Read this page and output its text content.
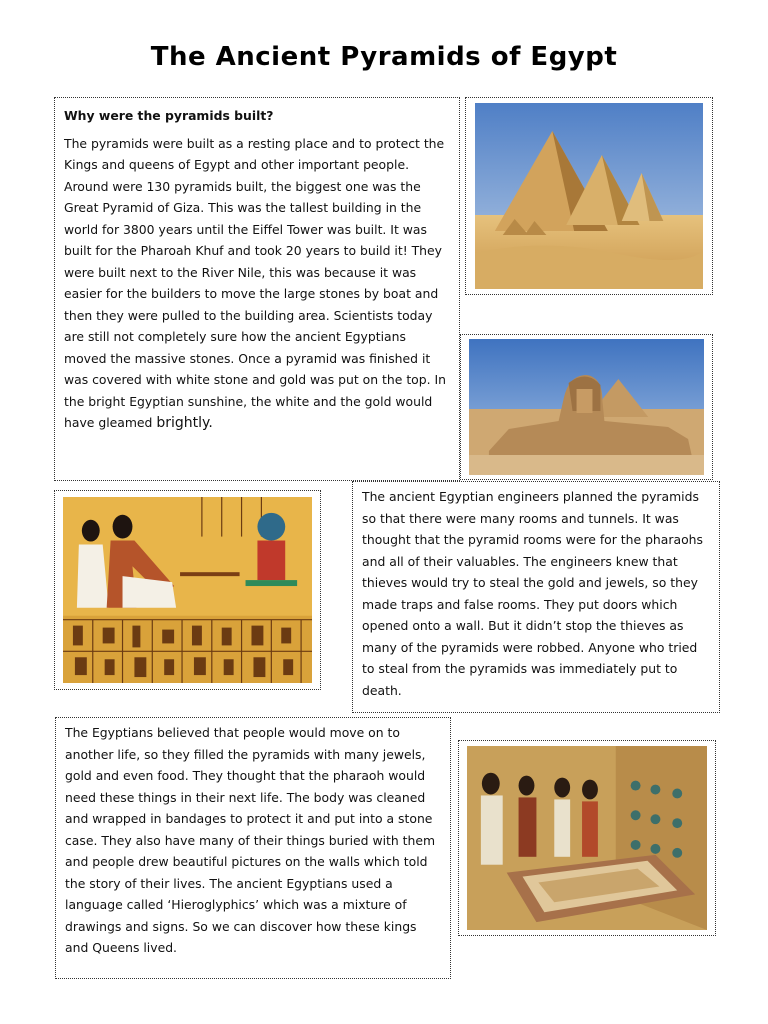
The Ancient Pyramids of Egypt

Why were the pyramids built?

The pyramids were built as a resting place and to protect the Kings and queens of Egypt and other important people. Around were 130 pyramids built, the biggest one was the Great Pyramid of Giza. This was the tallest building in the world for 3800 years until the Eiffel Tower was built. It was built for the Pharoah Khuf and took 20 years to build it! They were built next to the River Nile, this was because it was easier for the builders to move the large stones by boat and then they were pulled to the building area. Scientists today are still not completely sure how the ancient Egyptians moved the massive stones. Once a pyramid was finished it was covered with white stone and gold was put on the top. In the bright Egyptian sunshine, the white and the gold would have gleamed brightly.

The ancient Egyptian engineers planned the pyramids so that there were many rooms and tunnels. It was thought that the pyramid rooms were for the pharaohs and all of their valuables. The engineers knew that thieves would try to steal the gold and jewels, so they made traps and false rooms. They put doors which opened onto a wall. But it didn’t stop the thieves as many of the pyramids were robbed. Anyone who tried to steal from the pyramids was immediately put to death.

The Egyptians believed that people would move on to another life, so they filled the pyramids with many jewels, gold and even food. They thought that the pharaoh would need these things in their next life. The body was cleaned and wrapped in bandages to protect it and put into a stone case. They also have many of their things buried with them and people drew beautiful pictures on the walls which told the story of their lives. The ancient Egyptians used a language called ‘Hieroglyphics’ which was a mixture of drawings and signs. So we can discover how these kings and Queens lived.
